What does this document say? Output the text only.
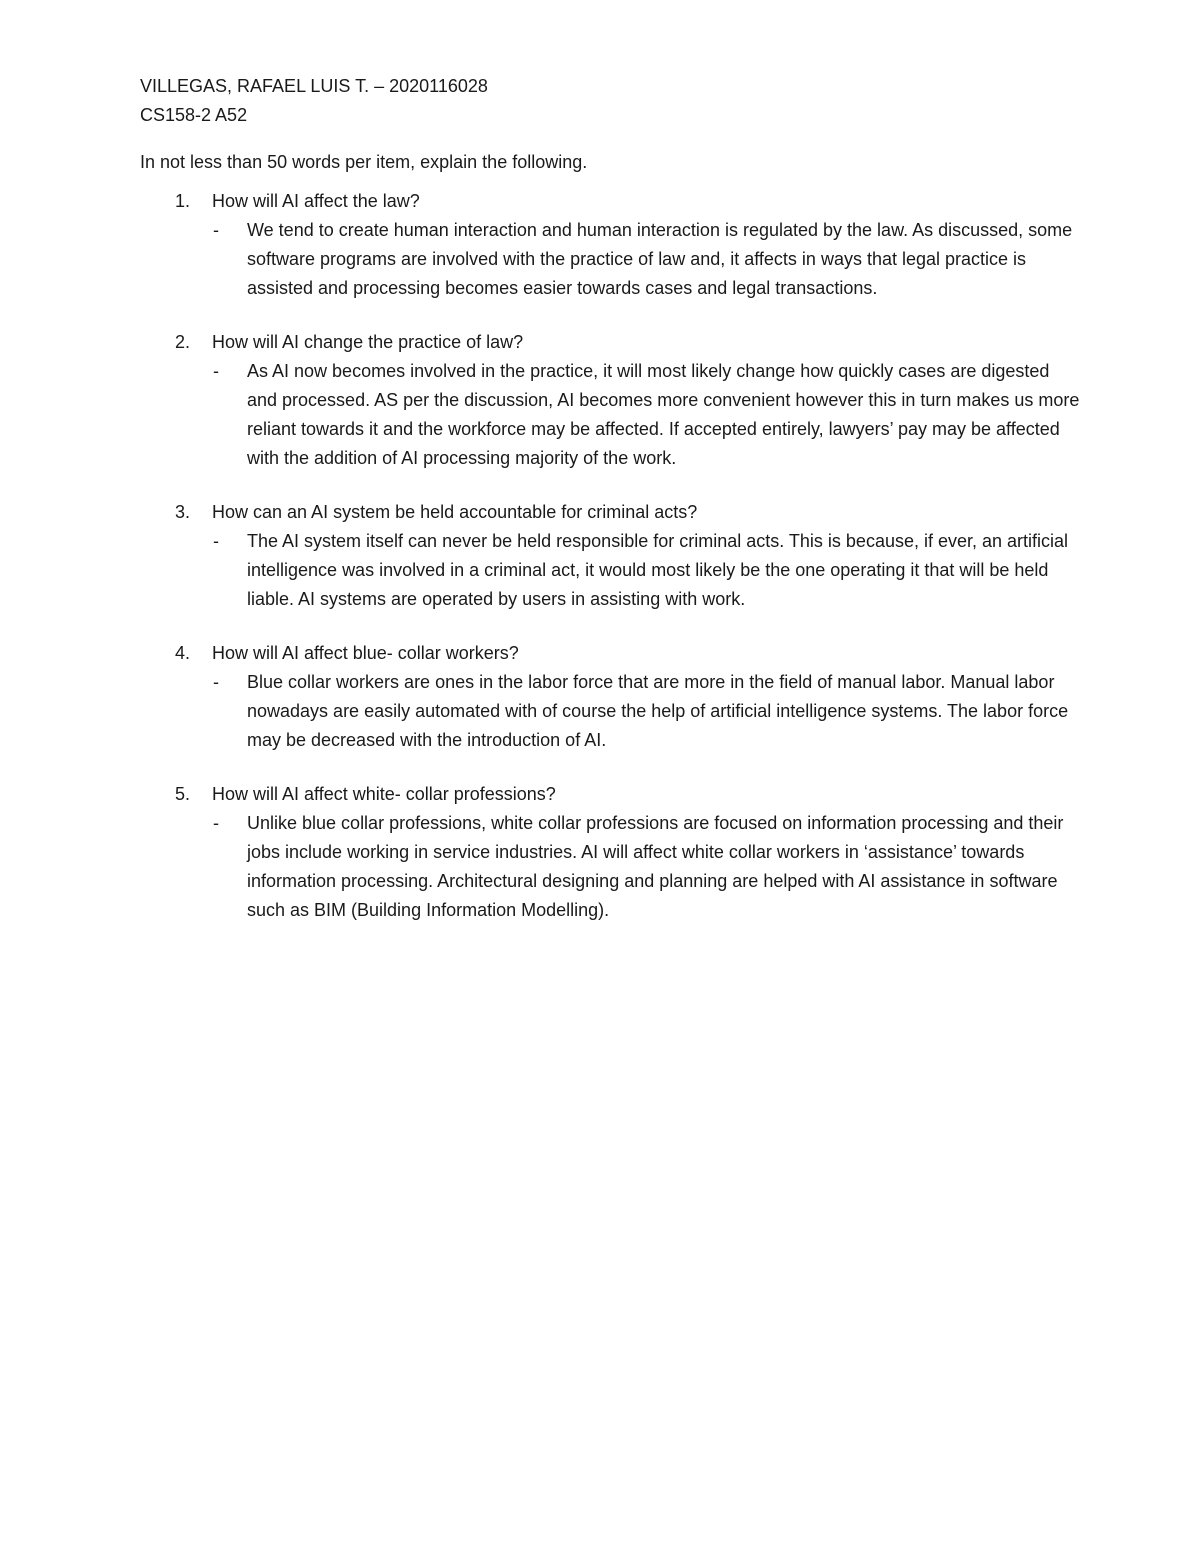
VILLEGAS, RAFAEL LUIS T. – 2020116028

CS158-2 A52

In not less than 50 words per item, explain the following.

1. How will AI affect the law?
- We tend to create human interaction and human interaction is regulated by the law. As discussed, some software programs are involved with the practice of law and, it affects in ways that legal practice is assisted and processing becomes easier towards cases and legal transactions.
2. How will AI change the practice of law?
- As AI now becomes involved in the practice, it will most likely change how quickly cases are digested and processed. AS per the discussion, AI becomes more convenient however this in turn makes us more reliant towards it and the workforce may be affected. If accepted entirely, lawyers’ pay may be affected with the addition of AI processing majority of the work.
3. How can an AI system be held accountable for criminal acts?
- The AI system itself can never be held responsible for criminal acts. This is because, if ever, an artificial intelligence was involved in a criminal act, it would most likely be the one operating it that will be held liable. AI systems are operated by users in assisting with work.
4. How will AI affect blue- collar workers?
- Blue collar workers are ones in the labor force that are more in the field of manual labor. Manual labor nowadays are easily automated with of course the help of artificial intelligence systems. The labor force may be decreased with the introduction of AI.
5. How will AI affect white- collar professions?
- Unlike blue collar professions, white collar professions are focused on information processing and their jobs include working in service industries. AI will affect white collar workers in ‘assistance’ towards information processing. Architectural designing and planning are helped with AI assistance in software such as BIM (Building Information Modelling).
